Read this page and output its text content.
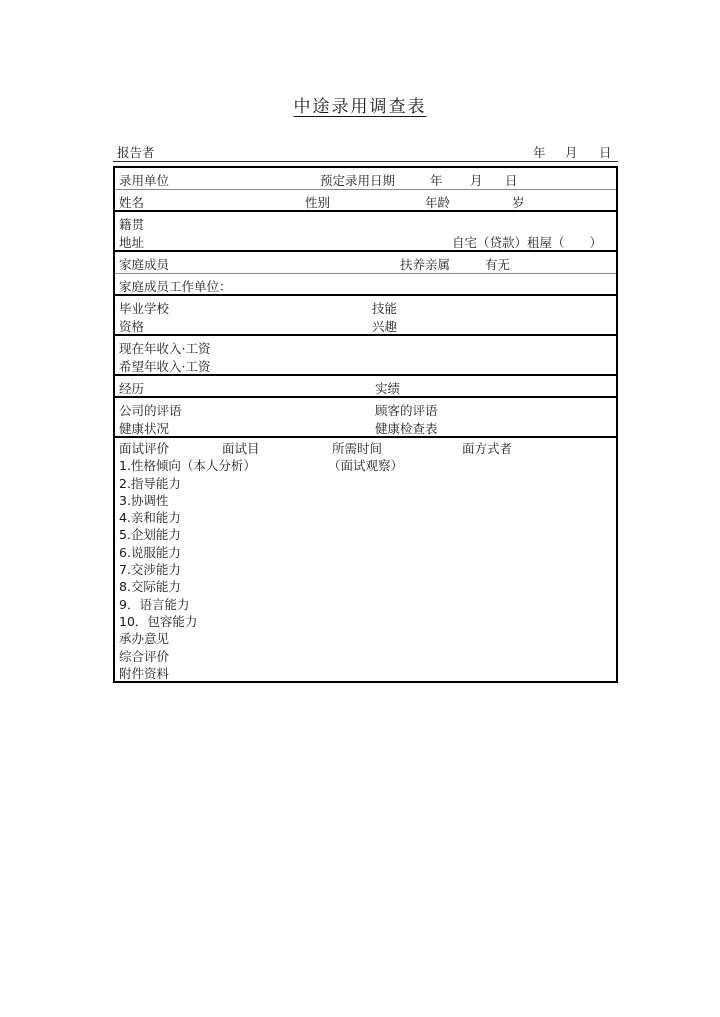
中途录用调查表
报告者	年 月 日
录用单位	预定录用日期	年 月 日
姓名	性别	年龄	岁
籍贯
地址	自宅（贷款）租屋（　　）
家庭成员	扶养亲属	有无
家庭成员工作单位：
毕业学校	技能
资格	兴趣
现在年收入·工资
希望年收入·工资
经历	实绩
公司的评语	顾客的评语
健康状况	健康检查表
面试评价	面试目	所需时间	面方式者
1.性格倾向（本人分析）	（面试观察）
2.指导能力
3.协调性
4.亲和能力
5.企划能力
6.说服能力
7.交涉能力
8.交际能力
9．语言能力
10．包容能力
承办意见
综合评价
附件资料
